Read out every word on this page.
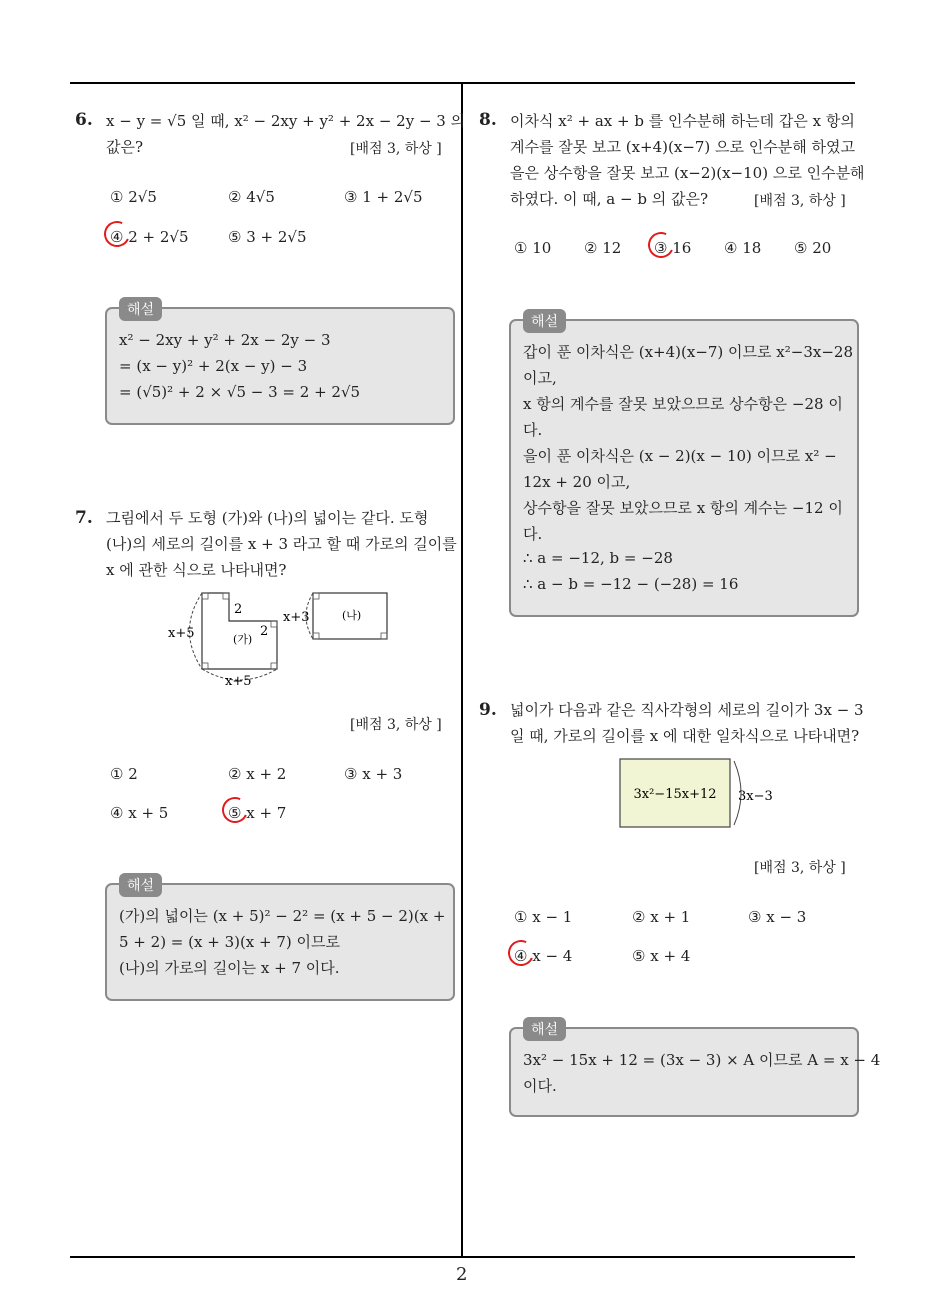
2
6. x − y = √5 일 때, x² − 2xy + y² + 2x − 2y − 3 의
값은?	[배점 3, 하상 ]
① 2√5	② 4√5	③ 1 + 2√5
④ 2 + 2√5	⑤ 3 + 2√5
해설
x² − 2xy + y² + 2x − 2y − 3
= (x − y)² + 2(x − y) − 3
= (√5)² + 2 × √5 − 3 = 2 + 2√5
7. 그림에서 두 도형 (가)와 (나)의 넓이는 같다. 도형
(나)의 세로의 길이를 x + 3 라고 할 때 가로의 길이를
x 에 관한 식으로 나타내면?
x+5
x+5
2
2
(가)
x+3	(나)
[배점 3, 하상 ]
① 2	② x + 2	③ x + 3
④ x + 5	⑤ x + 7
해설
(가)의 넓이는 (x + 5)² − 2² = (x + 5 − 2)(x +
5 + 2) = (x + 3)(x + 7) 이므로
(나)의 가로의 길이는 x + 7 이다.
8. 이차식 x² + ax + b 를 인수분해 하는데 갑은 x 항의
계수를 잘못 보고 (x+4)(x−7) 으로 인수분해 하였고
을은 상수항을 잘못 보고 (x−2)(x−10) 으로 인수분해
하였다. 이 때, a − b 의 값은?	[배점 3, 하상 ]
① 10 ② 12 ③ 16 ④ 18 ⑤ 20
해설
갑이 푼 이차식은 (x+4)(x−7) 이므로 x²−3x−28
이고,
x 항의 계수를 잘못 보았으므로 상수항은 −28 이
다.
을이 푼 이차식은 (x − 2)(x − 10) 이므로 x² −
12x + 20 이고,
상수항을 잘못 보았으므로 x 항의 계수는 −12 이
다.
∴ a = −12, b = −28
∴ a − b = −12 − (−28) = 16
9. 넓이가 다음과 같은 직사각형의 세로의 길이가 3x − 3
일 때, 가로의 길이를 x 에 대한 일차식으로 나타내면?
3x²−15x+12 3x−3
[배점 3, 하상 ]
① x − 1	② x + 1	③ x − 3
④ x − 4	⑤ x + 4
해설
3x² − 15x + 12 = (3x − 3) × A 이므로 A = x − 4
이다.
